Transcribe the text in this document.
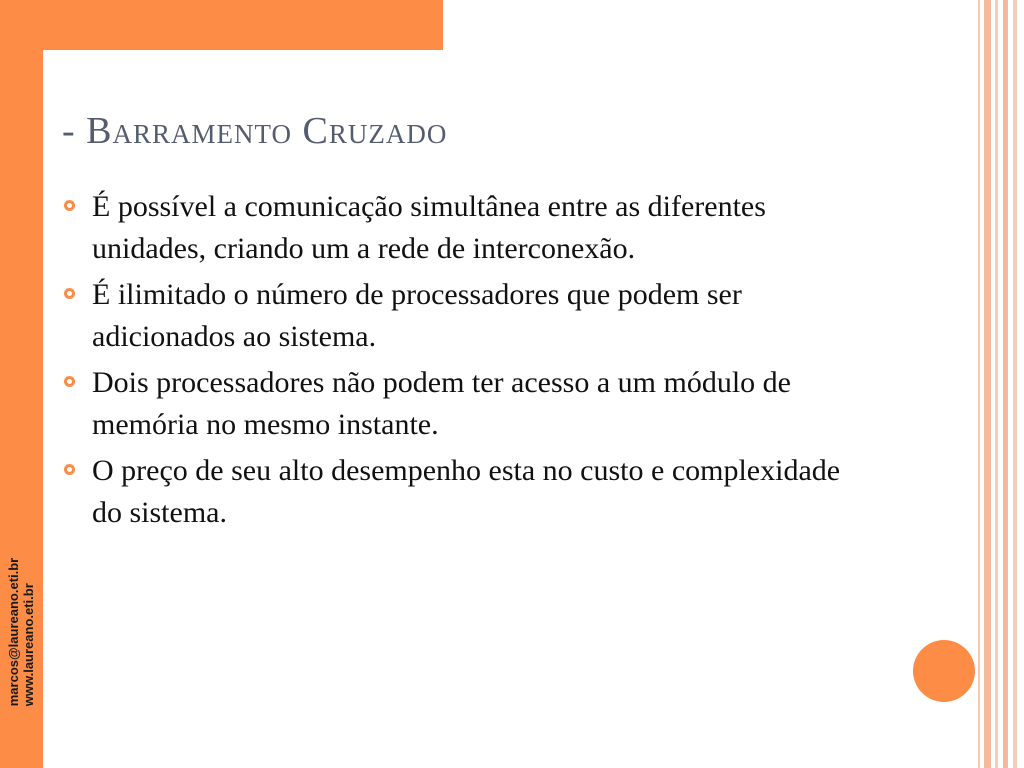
marcos@laureano.eti.br www.laureano.eti.br
- Barramento Cruzado
É possível a comunicação simultânea entre as diferentes unidades, criando um a rede de interconexão.
É ilimitado o número de processadores que podem ser adicionados ao sistema.
Dois processadores não podem ter acesso a um módulo de memória no mesmo instante.
O preço de seu alto desempenho esta no custo e complexidade do sistema.
